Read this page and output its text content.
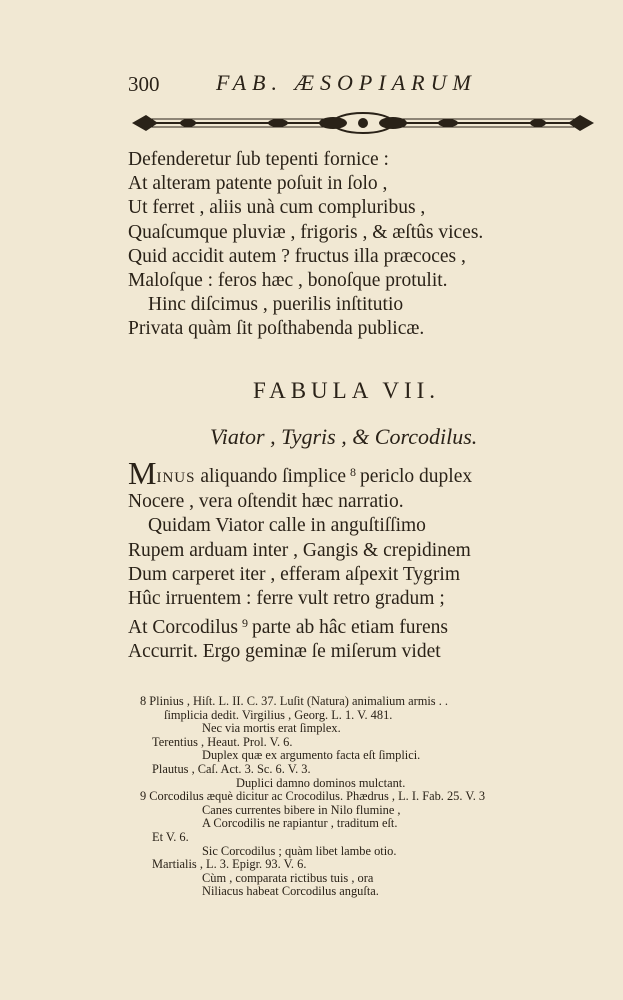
300	FAB. ÆSOPIARUM
Defenderetur ſub tepenti fornice :
At alteram patente poſuit in ſolo ,
Ut ferret , aliis unà cum compluribus ,
Quaſcumque pluviæ , frigoris , & æſtûs vices.
Quid accidit autem ? fructus illa præcoces ,
Maloſque : feros hæc , bonoſque protulit.
Hinc diſcimus , puerilis inſtitutio
Privata quàm ſit poſthabenda publicæ.
FABULA VII.
Viator , Tygris , & Corcodilus.
MINUS aliquando ſimplice $^8$ periclo duplex
Nocere , vera oſtendit hæc narratio.
Quidam Viator calle in anguſtiſſimo
Rupem arduam inter , Gangis & crepidinem
Dum carperet iter , efferam aſpexit Tygrim
Hûc irruentem : ferre vult retro gradum ;
At Corcodilus $^9$ parte ab hâc etiam furens
Accurrit. Ergo geminæ ſe miſerum videt
8 Plinius , Hiſt. L. II. C. 37. Luſit (Natura) animalium armis . .
ſimplicia dedit. Virgilius , Georg. L. 1. V. 481.
Nec via mortis erat ſimplex.
Terentius , Heaut. Prol. V. 6.
Duplex quæ ex argumento facta eſt ſimplici.
Plautus , Caſ. Act. 3. Sc. 6. V. 3.
Duplici damno dominos mulctant.
9 Corcodilus æquè dicitur ac Crocodilus. Phædrus , L. I. Fab. 25. V. 3
Canes currentes bibere in Nilo flumine ,
A Corcodilis ne rapiantur , traditum eſt.
Et V. 6.
Sic Corcodilus ; quàm libet lambe otio.
Martialis , L. 3. Epigr. 93. V. 6.
Cùm , comparata rictibus tuis , ora
Niliacus habeat Corcodilus anguſta.
